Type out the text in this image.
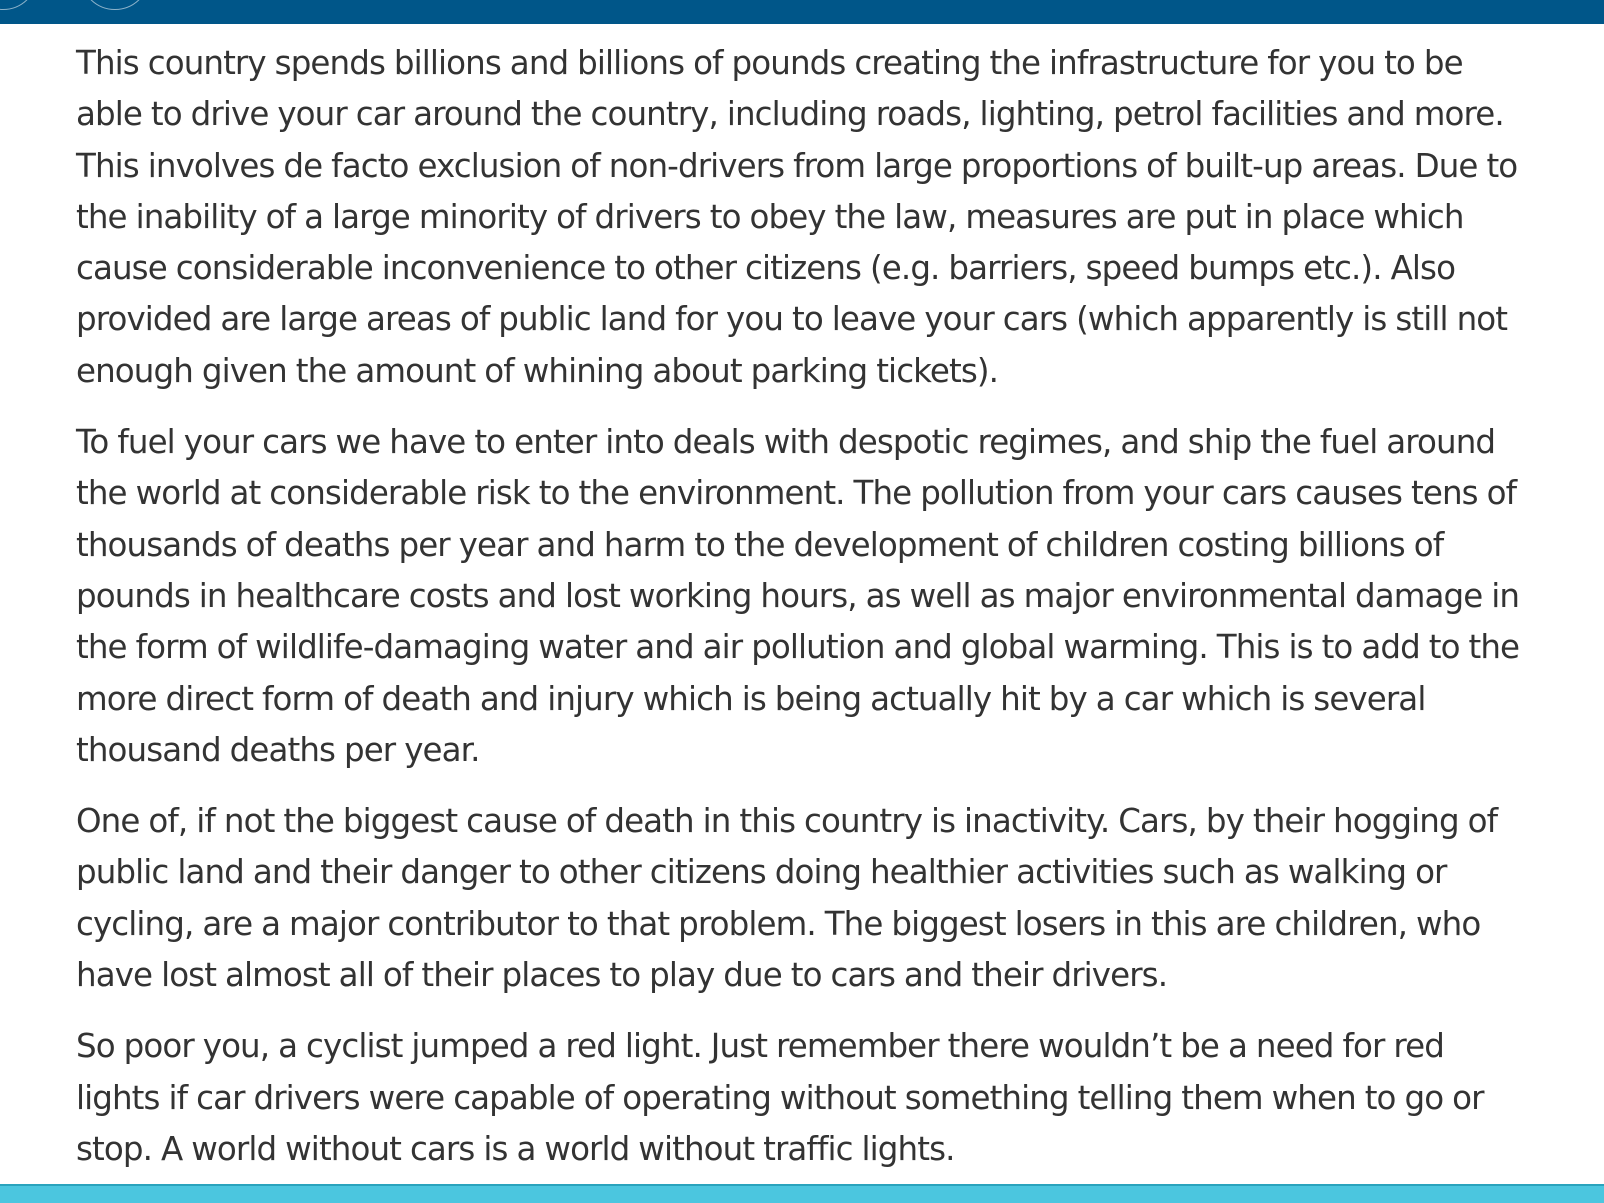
This country spends billions and billions of pounds creating the infrastructure for you to be able to drive your car around the country, including roads, lighting, petrol facilities and more. This involves de facto exclusion of non-drivers from large proportions of built-up areas. Due to the inability of a large minority of drivers to obey the law, measures are put in place which cause considerable inconvenience to other citizens (e.g. barriers, speed bumps etc.). Also provided are large areas of public land for you to leave your cars (which apparently is still not enough given the amount of whining about parking tickets).

To fuel your cars we have to enter into deals with despotic regimes, and ship the fuel around the world at considerable risk to the environment. The pollution from your cars causes tens of thousands of deaths per year and harm to the development of children costing billions of pounds in healthcare costs and lost working hours, as well as major environmental damage in the form of wildlife-damaging water and air pollution and global warming. This is to add to the more direct form of death and injury which is being actually hit by a car which is several thousand deaths per year.

One of, if not the biggest cause of death in this country is inactivity. Cars, by their hogging of public land and their danger to other citizens doing healthier activities such as walking or cycling, are a major contributor to that problem. The biggest losers in this are children, who have lost almost all of their places to play due to cars and their drivers.

So poor you, a cyclist jumped a red light. Just remember there wouldn’t be a need for red lights if car drivers were capable of operating without something telling them when to go or stop. A world without cars is a world without traffic lights.
